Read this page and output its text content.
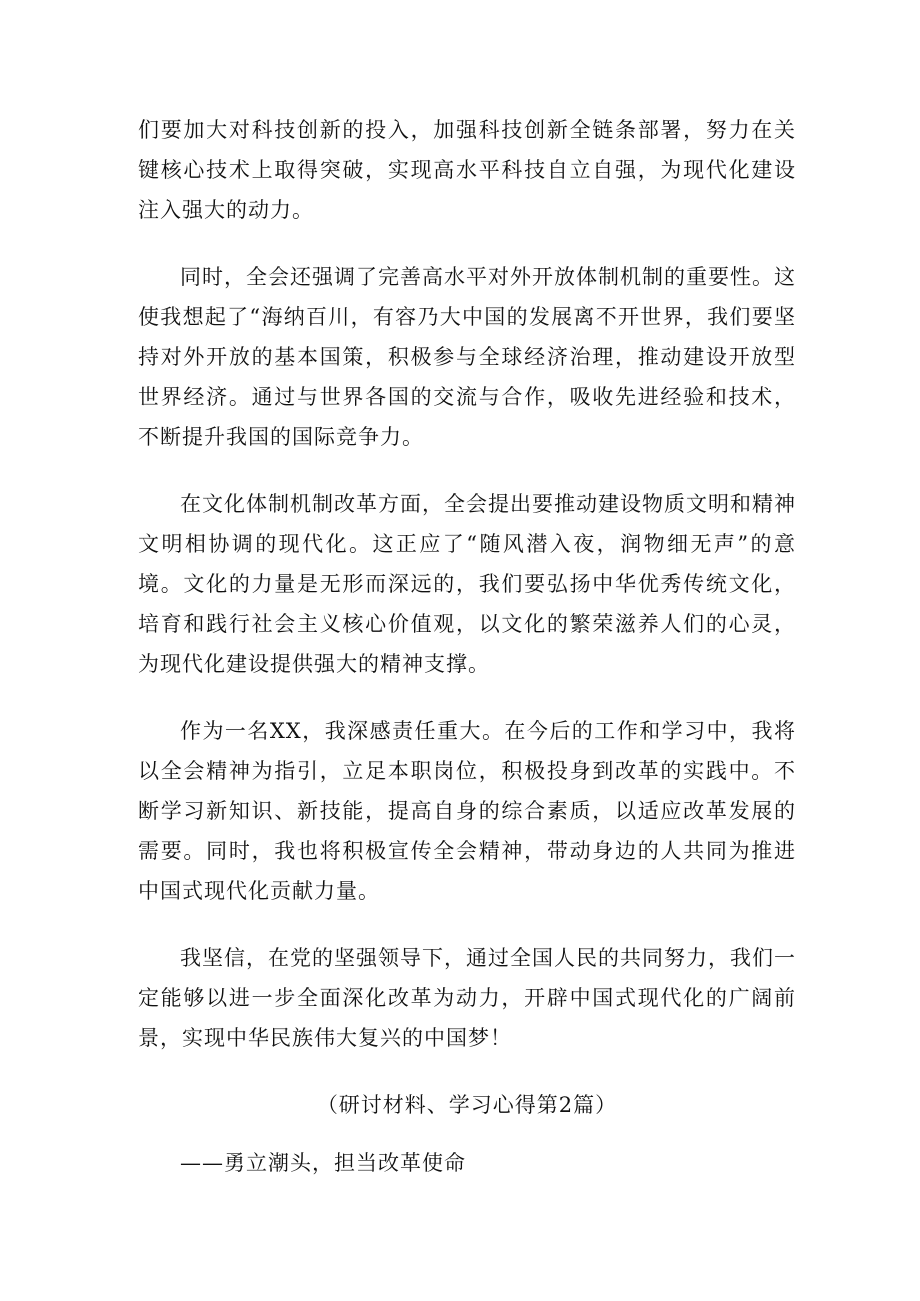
们要加大对科技创新的投入，加强科技创新全链条部署，努力在关键核心技术上取得突破，实现高水平科技自立自强，为现代化建设注入强大的动力。

同时，全会还强调了完善高水平对外开放体制机制的重要性。这使我想起了“海纳百川，有容乃大中国的发展离不开世界，我们要坚持对外开放的基本国策，积极参与全球经济治理，推动建设开放型世界经济。通过与世界各国的交流与合作，吸收先进经验和技术，不断提升我国的国际竞争力。

在文化体制机制改革方面，全会提出要推动建设物质文明和精神文明相协调的现代化。这正应了“随风潜入夜，润物细无声”的意境。文化的力量是无形而深远的，我们要弘扬中华优秀传统文化，培育和践行社会主义核心价值观，以文化的繁荣滋养人们的心灵，为现代化建设提供强大的精神支撑。

作为一名XX，我深感责任重大。在今后的工作和学习中，我将以全会精神为指引，立足本职岗位，积极投身到改革的实践中。不断学习新知识、新技能，提高自身的综合素质，以适应改革发展的需要。同时，我也将积极宣传全会精神，带动身边的人共同为推进中国式现代化贡献力量。

我坚信，在党的坚强领导下，通过全国人民的共同努力，我们一定能够以进一步全面深化改革为动力，开辟中国式现代化的广阔前景，实现中华民族伟大复兴的中国梦！

（研讨材料、学习心得第2篇）

——勇立潮头，担当改革使命
